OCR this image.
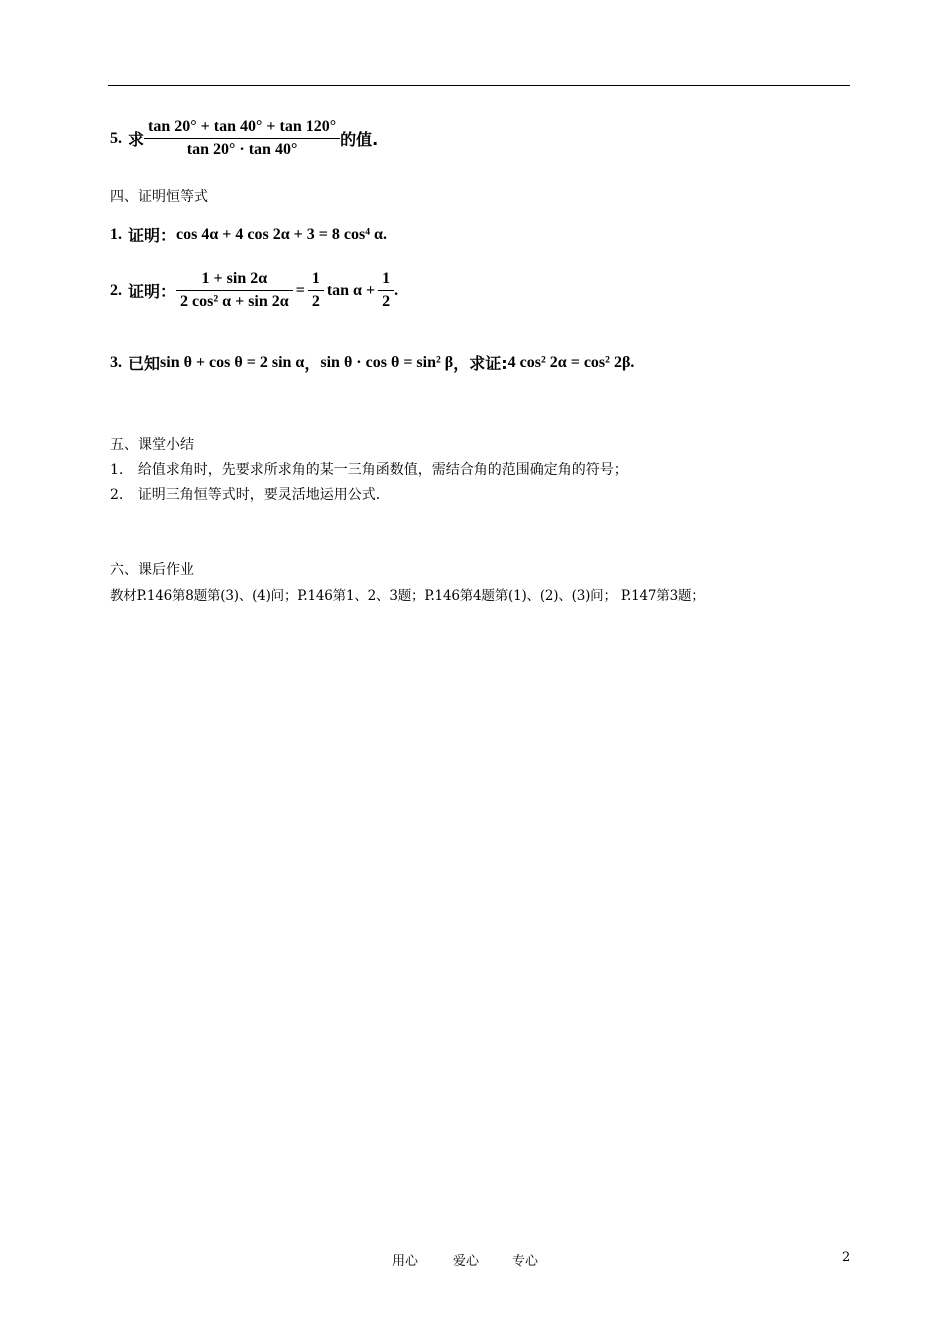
5. 求 $\frac{\tan 20^\circ + \tan 40^\circ + \tan 120^\circ}{\tan 20^\circ \cdot \tan 40^\circ}$ 的值.
四、证明恒等式
1. 证明： cos 4α + 4 cos 2α + 3 = 8 cos⁴ α.
2. 证明： $\frac{1 + \sin 2\alpha}{\text{2 cos² α + sin 2α}} = \frac{1}{2}$ $\tan \alpha + \frac{1}{2}$ .
3. 已知 sin θ + cos θ = 2 sin α ， sin θ · cos θ = sin² β ，求证: 4 cos² 2α = cos² 2β.
五、课堂小结
1. 给值求角时，先要求所求角的某一三角函数值，需结合角的范围确定角的符号；
2. 证明三角恒等式时，要灵活地运用公式.
六、课后作业
教材P.146第8题第(3)、(4)问；P.146第1、2、3题；P.146第4题第(1)、(2)、(3)问； P.147第3题；
用心	爱心	专心	2
